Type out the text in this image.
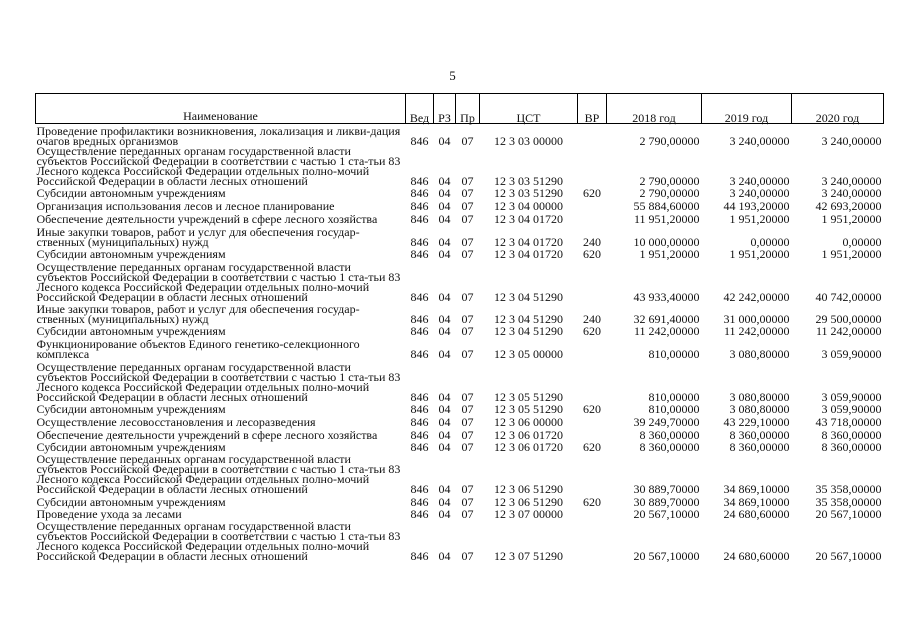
5
Наименование	Вед	РЗ	Пр	ЦСТ	ВР	2018 год	2019 год	2020 год
Проведение профилактики возникновения, локализация и ликви-дация очагов вредных организмов	846	04	07	12 3 03 00000		2 790,00000	3 240,00000	3 240,00000
Осуществление переданных органам государственной власти субъектов Российской Федерации в соответствии с частью 1 ста-тьи 83 Лесного кодекса Российской Федерации отдельных полно-мочий Российской Федерации в области лесных отношений	846	04	07	12 3 03 51290		2 790,00000	3 240,00000	3 240,00000
Субсидии автономным учреждениям	846	04	07	12 3 03 51290	620	2 790,00000	3 240,00000	3 240,00000
Организация использования лесов и лесное планирование	846	04	07	12 3 04 00000		55 884,60000	44 193,20000	42 693,20000
Обеспечение деятельности учреждений в сфере лесного хозяйства	846	04	07	12 3 04 01720		11 951,20000	1 951,20000	1 951,20000
Иные закупки товаров, работ и услуг для обеспечения государ-ственных (муниципальных) нужд	846	04	07	12 3 04 01720	240	10 000,00000	0,00000	0,00000
Субсидии автономным учреждениям	846	04	07	12 3 04 01720	620	1 951,20000	1 951,20000	1 951,20000
Осуществление переданных органам государственной власти субъектов Российской Федерации в соответствии с частью 1 ста-тьи 83 Лесного кодекса Российской Федерации отдельных полно-мочий Российской Федерации в области лесных отношений	846	04	07	12 3 04 51290		43 933,40000	42 242,00000	40 742,00000
Иные закупки товаров, работ и услуг для обеспечения государ-ственных (муниципальных) нужд	846	04	07	12 3 04 51290	240	32 691,40000	31 000,00000	29 500,00000
Субсидии автономным учреждениям	846	04	07	12 3 04 51290	620	11 242,00000	11 242,00000	11 242,00000
Функционирование объектов Единого генетико-селекционного комплекса	846	04	07	12 3 05 00000		810,00000	3 080,80000	3 059,90000
Осуществление переданных органам государственной власти субъектов Российской Федерации в соответствии с частью 1 ста-тьи 83 Лесного кодекса Российской Федерации отдельных полно-мочий Российской Федерации в области лесных отношений	846	04	07	12 3 05 51290		810,00000	3 080,80000	3 059,90000
Субсидии автономным учреждениям	846	04	07	12 3 05 51290	620	810,00000	3 080,80000	3 059,90000
Осуществление лесовосстановления и лесоразведения	846	04	07	12 3 06 00000		39 249,70000	43 229,10000	43 718,00000
Обеспечение деятельности учреждений в сфере лесного хозяйства	846	04	07	12 3 06 01720		8 360,00000	8 360,00000	8 360,00000
Субсидии автономным учреждениям	846	04	07	12 3 06 01720	620	8 360,00000	8 360,00000	8 360,00000
Осуществление переданных органам государственной власти субъектов Российской Федерации в соответствии с частью 1 ста-тьи 83 Лесного кодекса Российской Федерации отдельных полно-мочий Российской Федерации в области лесных отношений	846	04	07	12 3 06 51290		30 889,70000	34 869,10000	35 358,00000
Субсидии автономным учреждениям	846	04	07	12 3 06 51290	620	30 889,70000	34 869,10000	35 358,00000
Проведение ухода за лесами	846	04	07	12 3 07 00000		20 567,10000	24 680,60000	20 567,10000
Осуществление переданных органам государственной власти субъектов Российской Федерации в соответствии с частью 1 ста-тьи 83 Лесного кодекса Российской Федерации отдельных полно-мочий Российской Федерации в области лесных отношений	846	04	07	12 3 07 51290		20 567,10000	24 680,60000	20 567,10000
